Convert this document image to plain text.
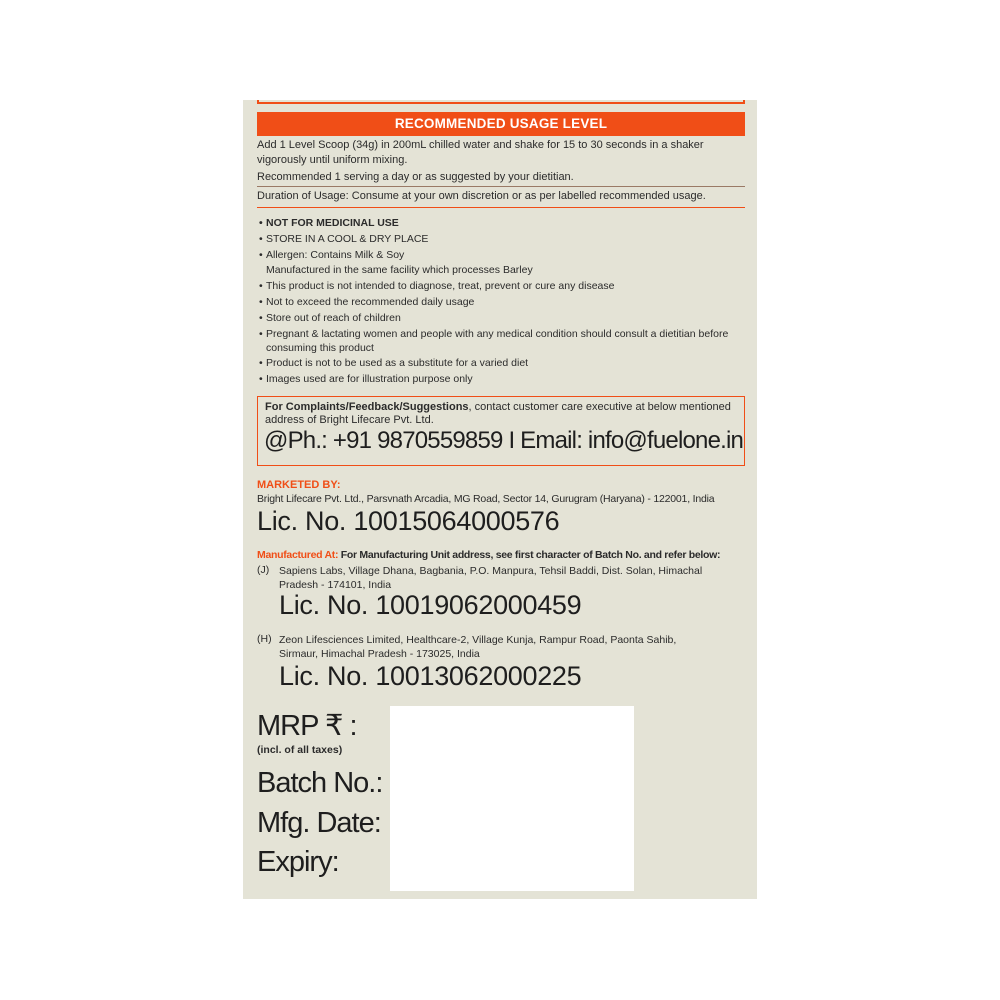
RECOMMENDED USAGE LEVEL
Add 1 Level Scoop (34g) in 200mL chilled water and shake for 15 to 30 seconds in a shaker
vigorously until uniform mixing.
Recommended 1 serving a day or as suggested by your dietitian.
Duration of Usage: Consume at your own discretion or as per labelled recommended usage.
• NOT FOR MEDICINAL USE
• STORE IN A COOL & DRY PLACE
• Allergen: Contains Milk & Soy
Manufactured in the same facility which processes Barley
• This product is not intended to diagnose, treat, prevent or cure any disease
• Not to exceed the recommended daily usage
• Store out of reach of children
• Pregnant & lactating women and people with any medical condition should consult a dietitian before consuming this product
• Product is not to be used as a substitute for a varied diet
• Images used are for illustration purpose only
For Complaints/Feedback/Suggestions, contact customer care executive at below mentioned address of Bright Lifecare Pvt. Ltd.
@Ph.: +91 9870559859 I Email: info@fuelone.in
MARKETED BY:
Bright Lifecare Pvt. Ltd., Parsvnath Arcadia, MG Road, Sector 14, Gurugram (Haryana) - 122001, India
Lic. No. 10015064000576
Manufactured At: For Manufacturing Unit address, see first character of Batch No. and refer below:
(J) Sapiens Labs, Village Dhana, Bagbania, P.O. Manpura, Tehsil Baddi, Dist. Solan, Himachal
Pradesh - 174101, India
Lic. No. 10019062000459
(H) Zeon Lifesciences Limited, Healthcare-2, Village Kunja, Rampur Road, Paonta Sahib,
Sirmaur, Himachal Pradesh - 173025, India
Lic. No. 10013062000225
MRP ₹ :
(incl. of all taxes)
Batch No.:
Mfg. Date:
Expiry:
